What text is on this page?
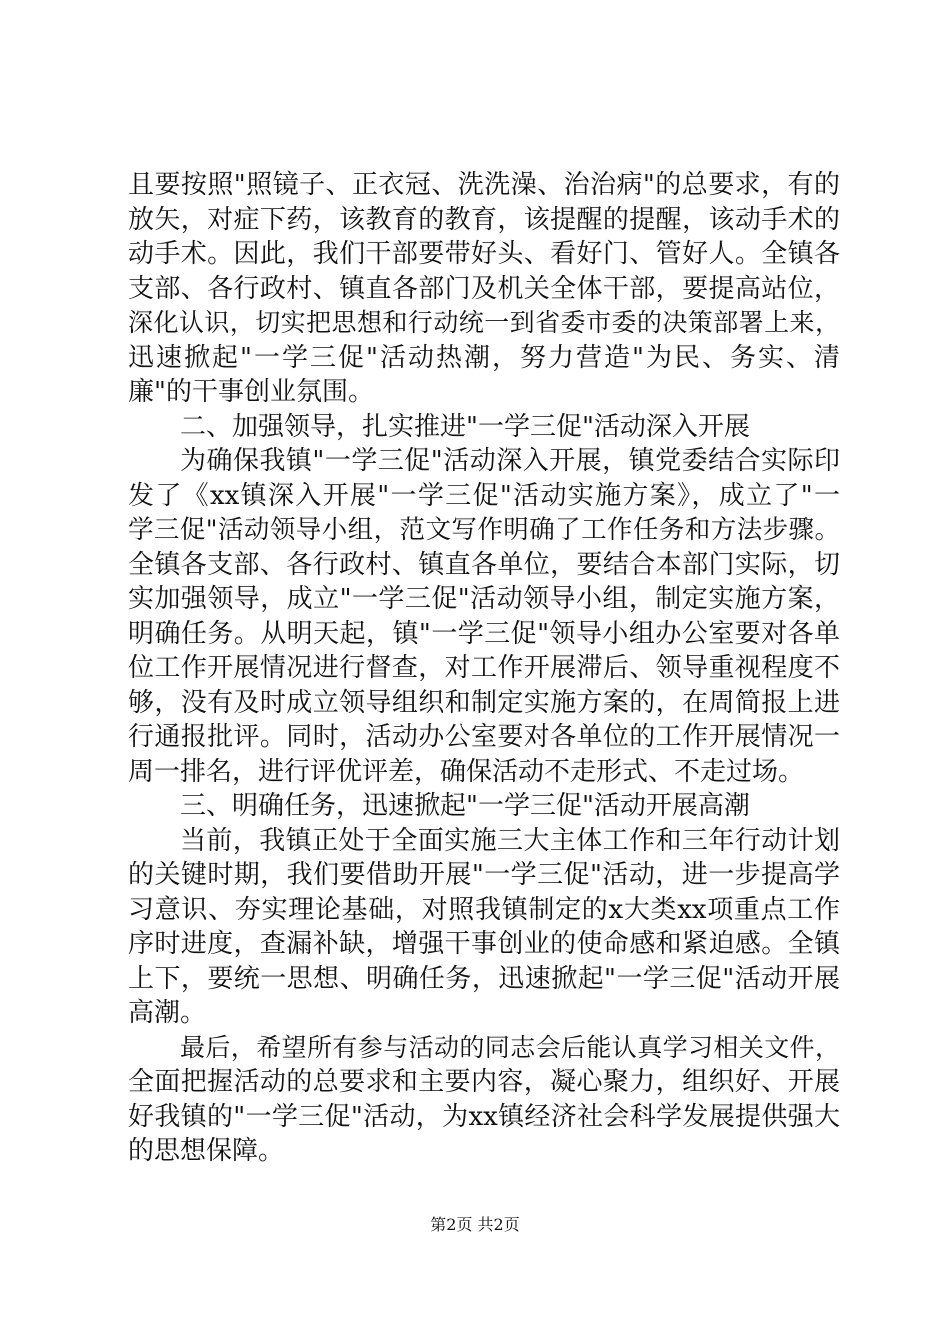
且要按照"照镜子、正衣冠、洗洗澡、治治病"的总要求，有的
放矢，对症下药，该教育的教育，该提醒的提醒，该动手术的
动手术。因此，我们干部要带好头、看好门、管好人。全镇各
支部、各行政村、镇直各部门及机关全体干部，要提高站位，
深化认识，切实把思想和行动统一到省委市委的决策部署上来，
迅速掀起"一学三促"活动热潮，努力营造"为民、务实、清
廉"的干事创业氛围。
二、加强领导，扎实推进"一学三促"活动深入开展
为确保我镇"一学三促"活动深入开展，镇党委结合实际印
发了《xx镇深入开展"一学三促"活动实施方案》，成立了"一
学三促"活动领导小组，范文写作明确了工作任务和方法步骤。
全镇各支部、各行政村、镇直各单位，要结合本部门实际，切
实加强领导，成立"一学三促"活动领导小组，制定实施方案，
明确任务。从明天起，镇"一学三促"领导小组办公室要对各单
位工作开展情况进行督查，对工作开展滞后、领导重视程度不
够，没有及时成立领导组织和制定实施方案的，在周简报上进
行通报批评。同时，活动办公室要对各单位的工作开展情况一
周一排名，进行评优评差，确保活动不走形式、不走过场。
三、明确任务，迅速掀起"一学三促"活动开展高潮
当前，我镇正处于全面实施三大主体工作和三年行动计划
的关键时期，我们要借助开展"一学三促"活动，进一步提高学
习意识、夯实理论基础，对照我镇制定的x大类xx项重点工作
序时进度，查漏补缺，增强干事创业的使命感和紧迫感。全镇
上下，要统一思想、明确任务，迅速掀起"一学三促"活动开展
高潮。
最后，希望所有参与活动的同志会后能认真学习相关文件，
全面把握活动的总要求和主要内容，凝心聚力，组织好、开展
好我镇的"一学三促"活动，为xx镇经济社会科学发展提供强大
的思想保障。
第2页 共2页
